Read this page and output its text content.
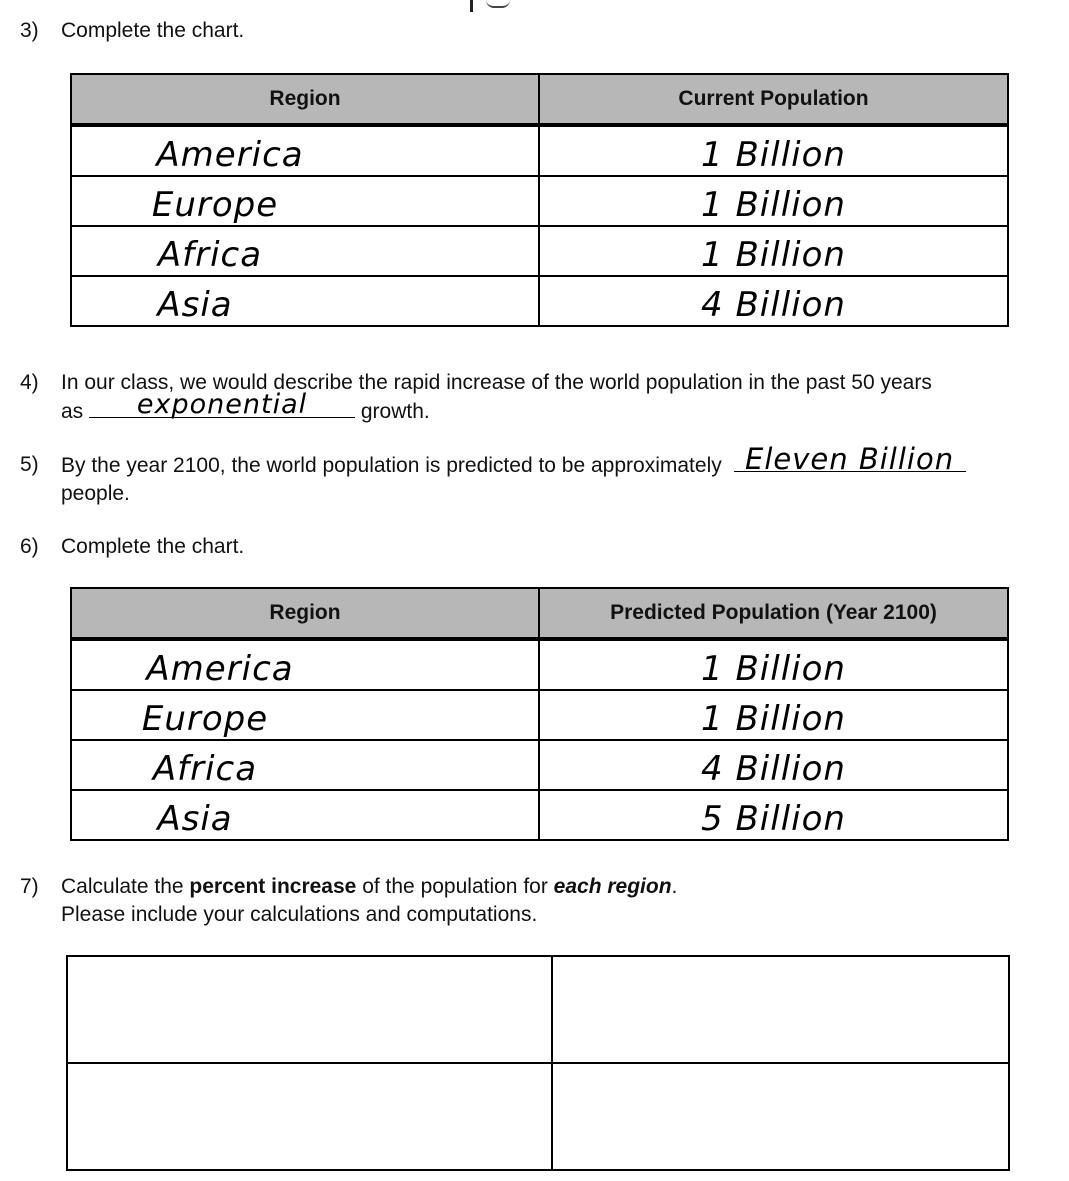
3) Complete the chart.
Region	Current Population
America	1 Billion
Europe	1 Billion
Africa	1 Billion
Asia	4 Billion
4) In our class, we would describe the rapid increase of the world population in the past 50 years
as	exponential	growth.
5) By the year 2100, the world population is predicted to be approximately Eleven Billion
people.
6) Complete the chart.
Region	Predicted Population (Year 2100)
America	1 Billion
Europe	1 Billion
Africa	4 Billion
Asia	5 Billion
7) Calculate the percent increase of the population for each region.
Please include your calculations and computations.
